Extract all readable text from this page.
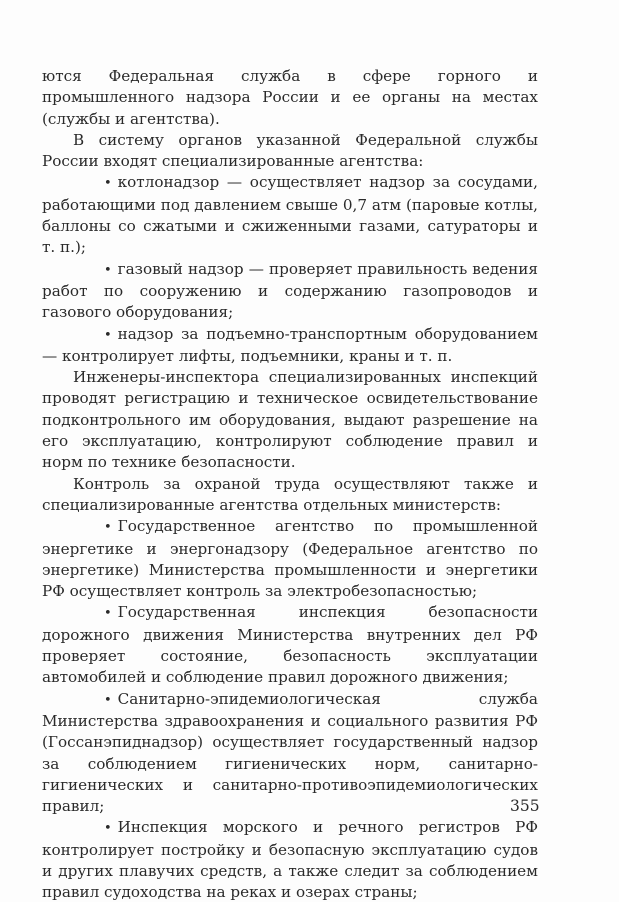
ются Федеральная служба в сфере горного и промышленного надзора России и ее органы на местах (службы и агентства).

В систему органов указанной Федеральной службы России входят специализированные агентства:

• котлонадзор — осуществляет надзор за сосудами, работающими под давлением свыше 0,7 атм (паровые котлы, баллоны со сжатыми и сжиженными газами, сатураторы и т. п.);

• газовый надзор — проверяет правильность ведения работ по сооружению и содержанию газопроводов и газового оборудования;

• надзор за подъемно-транспортным оборудованием — контролирует лифты, подъемники, краны и т. п.

Инженеры-инспектора специализированных инспекций проводят регистрацию и техническое освидетельствование подконтрольного им оборудования, выдают разрешение на его эксплуатацию, контролируют соблюдение правил и норм по технике безопасности.

Контроль за охраной труда осуществляют также и специализированные агентства отдельных министерств:

• Государственное агентство по промышленной энергетике и энергонадзору (Федеральное агентство по энергетике) Министерства промышленности и энергетики РФ осуществляет контроль за электробезопасностью;

• Государственная инспекция безопасности дорожного движения Министерства внутренних дел РФ проверяет состояние, безопасность эксплуатации автомобилей и соблюдение правил дорожного движения;

• Санитарно-эпидемиологическая служба Министерства здравоохранения и социального развития РФ (Госсанэпиднадзор) осуществляет государственный надзор за соблюдением гигиенических норм, санитарно-гигиенических и санитарно-противоэпидемиологических правил;

• Инспекция морского и речного регистров РФ контролирует постройку и безопасную эксплуатацию судов и других плавучих средств, а также следит за соблюдением правил судоходства на реках и озерах страны;

355
